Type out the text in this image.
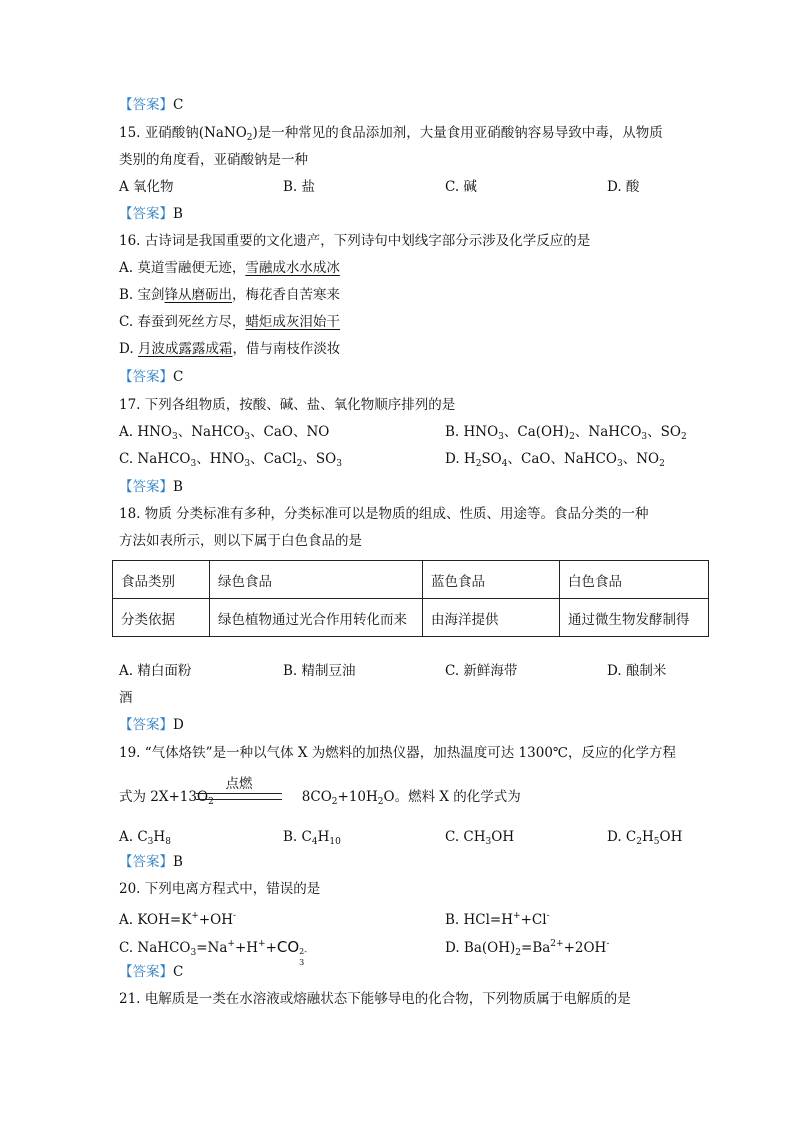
【答案】C
15. 亚硝酸钠(NaNO$_2$)是一种常见的食品添加剂，大量食用亚硝酸钠容易导致中毒，从物质
类别的角度看，亚硝酸钠是一种
A 氧化物	B. 盐	C. 碱	D. 酸
【答案】B
16. 古诗词是我国重要的文化遗产，下列诗句中划线字部分示涉及化学反应的是
A. 莫道雪融便无迹，雪融成水水成冰
B. 宝剑锋从磨砺出，梅花香自苦寒来
C. 春蚕到死丝方尽，蜡炬成灰泪始干
D. 月波成露露成霜，借与南枝作淡妆
【答案】C
17. 下列各组物质，按酸、碱、盐、氧化物顺序排列的是
A. $HNO_3$、NaHCO$_3$、CaO、NO	B. $HNO_3$、$Ca(OH)_2$、NaHCO$_3$、$SO_2$
C. NaHCO$_3$、$HNO_3$、CaCl$_2$、$SO_3$	D. $H_2SO_4$、CaO、NaHCO$_3$、$NO_2$
【答案】B
18. 物质 分类标准有多种，分类标准可以是物质的组成、性质、用途等。食品分类的一种
方法如表所示，则以下属于白色食品的是
食品类别	绿色食品	蓝色食品	白色食品
分类依据	绿色植物通过光合作用转化而来	由海洋提供	通过微生物发酵制得
A. 精白面粉	B. 精制豆油	C. 新鲜海带	D. 酿制米
酒
【答案】D
19. “气体烙铁”是一种以气体 X 为燃料的加热仪器，加热温度可达 1300℃，反应的化学方程
式为 $2X+13O_2$	$8CO_2+10H_2O$。燃料 X 的化学式为
点燃
A. $C_3H_8$	B. $C_4H_{10}$	C. $CH_3OH$	D. $C_2H_5OH$
【答案】B
20. 下列电离方程式中，错误的是
A. KOH=K++OH-	B. HCl=H++Cl-
C. NaHCO$_3$=Na++H++CO 2-
3
D. $Ba(OH)_2=Ba^{2+}+2OH^-$
【答案】C
21. 电解质是一类在水溶液或熔融状态下能够导电的化合物，下列物质属于电解质的是
